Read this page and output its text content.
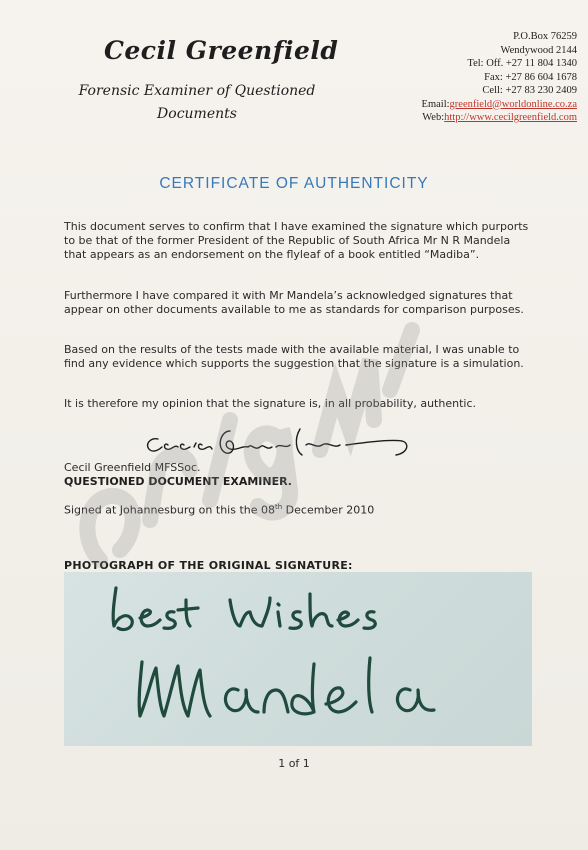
Cecil Greenfield
Forensic Examiner of Questioned Documents
P.O.Box 76259
Wendywood 2144
Tel: Off. +27 11 804 1340
Fax: +27 86 604 1678
Cell: +27 83 230 2409
Email:greenfield@worldonline.co.za
Web:http://www.cecilgreenfield.com
CERTIFICATE OF AUTHENTICITY
This document serves to confirm that I have examined the signature which purports to be that of the former President of the Republic of South Africa Mr N R Mandela that appears as an endorsement on the flyleaf of a book entitled “Madiba”.
Furthermore I have compared it with Mr Mandela’s acknowledged signatures that appear on other documents available to me as standards for comparison purposes.
Based on the results of the tests made with the available material, I was unable to find any evidence which supports the suggestion that the signature is a simulation.
It is therefore my opinion that the signature is, in all probability, authentic.
Cecil Greenfield MFSSoc.
QUESTIONED DOCUMENT EXAMINER.
Signed at Johannesburg on this the 08th December 2010
PHOTOGRAPH OF THE ORIGINAL SIGNATURE:
1 of 1
